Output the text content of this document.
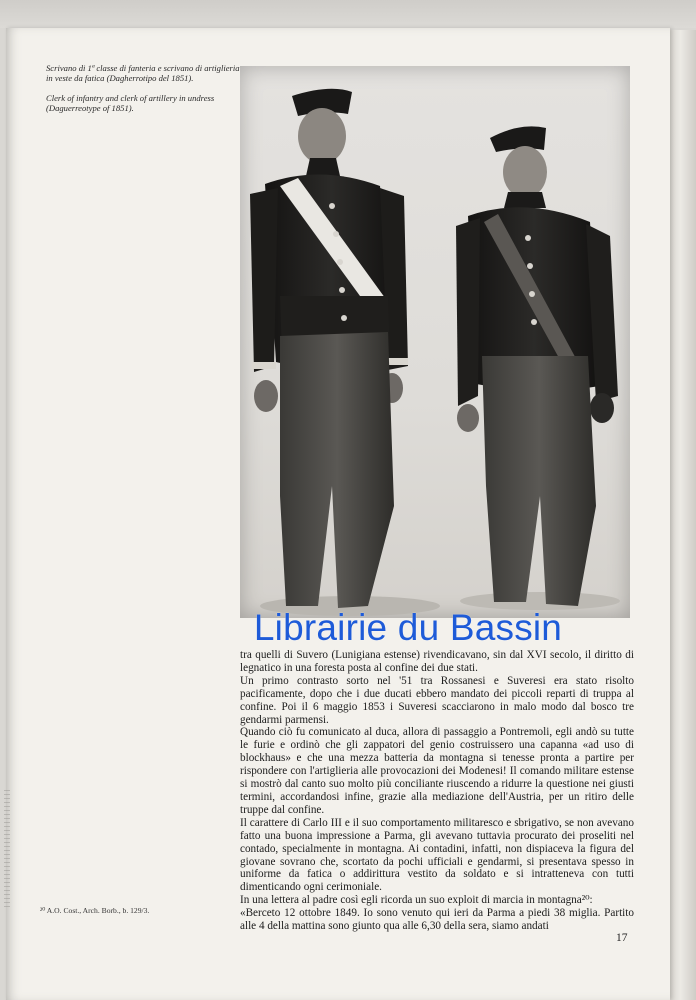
Scrivano di 1ª classe di fanteria e scrivano di artiglieria in veste da fatica (Dagherrotipo del 1851).
Clerk of infantry and clerk of artillery in undress (Daguerreotype of 1851).

tra quelli di Suvero (Lunigiana estense) rivendicavano, sin dal XVI secolo, il diritto di legnatico in una foresta posta al confine dei due stati.

Un primo contrasto sorto nel '51 tra Rossanesi e Suveresi era stato risolto pacificamente, dopo che i due ducati ebbero mandato dei piccoli reparti di truppa al confine. Poi il 6 maggio 1853 i Suveresi scacciarono in malo modo dal bosco tre gendarmi parmensi.

Quando ciò fu comunicato al duca, allora di passaggio a Pontremoli, egli andò su tutte le furie e ordinò che gli zappatori del genio costruissero una capanna «ad uso di blockhaus» e che una mezza batteria da montagna si tenesse pronta a partire per rispondere con l'artiglieria alle provocazioni dei Modenesi! Il comando militare estense si mostrò dal canto suo molto più conciliante riuscendo a ridurre la questione nei giusti termini, accordandosi infine, grazie alla mediazione dell'Austria, per un ritiro delle truppe dal confine.

Il carattere di Carlo III e il suo comportamento militaresco e sbrigativo, se non avevano fatto una buona impressione a Parma, gli avevano tuttavia procurato dei proseliti nel contado, specialmente in montagna. Ai contadini, infatti, non dispiaceva la figura del giovane sovrano che, scortato da pochi ufficiali e gendarmi, si presentava spesso in uniforme da fatica o addirittura vestito da soldato e si intratteneva con tutti dimenticando ogni cerimoniale.

In una lettera al padre così egli ricorda un suo exploit di marcia in montagna²⁰:

«Berceto 12 ottobre 1849. Io sono venuto qui ieri da Parma a piedi 38 miglia. Partito alle 4 della mattina sono giunto qua alle 6,30 della sera, siamo andati

²⁰ A.O. Cost., Arch. Borb., b. 129/3.
17
Librairie du Bassin
